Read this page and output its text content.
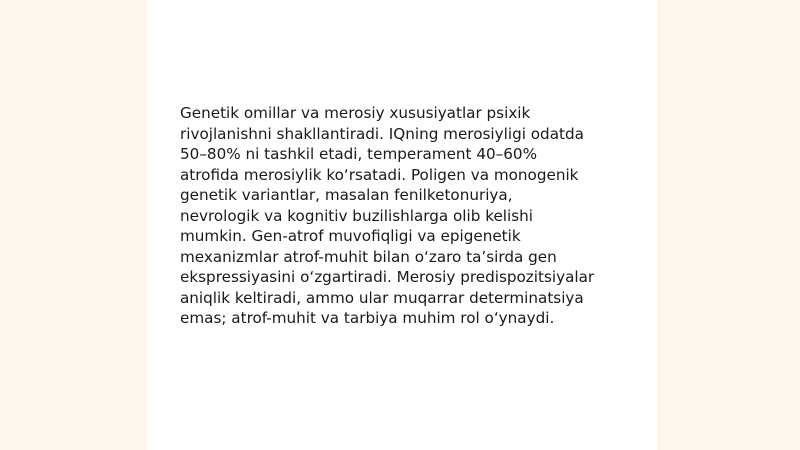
Genetik omillar va merosiy xususiyatlar psixik
rivojlanishni shakllantiradi. IQning merosiyligi odatda
50–80% ni tashkil etadi, temperament 40–60%
atrofida merosiylik ko‘rsatadi. Poligen va monogenik
genetik variantlar, masalan fenilketonuriya,
nevrologik va kognitiv buzilishlarga olib kelishi
mumkin. Gen-atrof muvofiqligi va epigenetik
mexanizmlar atrof-muhit bilan o‘zaro ta’sirda gen
ekspressiyasini o‘zgartiradi. Merosiy predispozitsiyalar
aniqlik keltiradi, ammo ular muqarrar determinatsiya
emas; atrof-muhit va tarbiya muhim rol o‘ynaydi.
